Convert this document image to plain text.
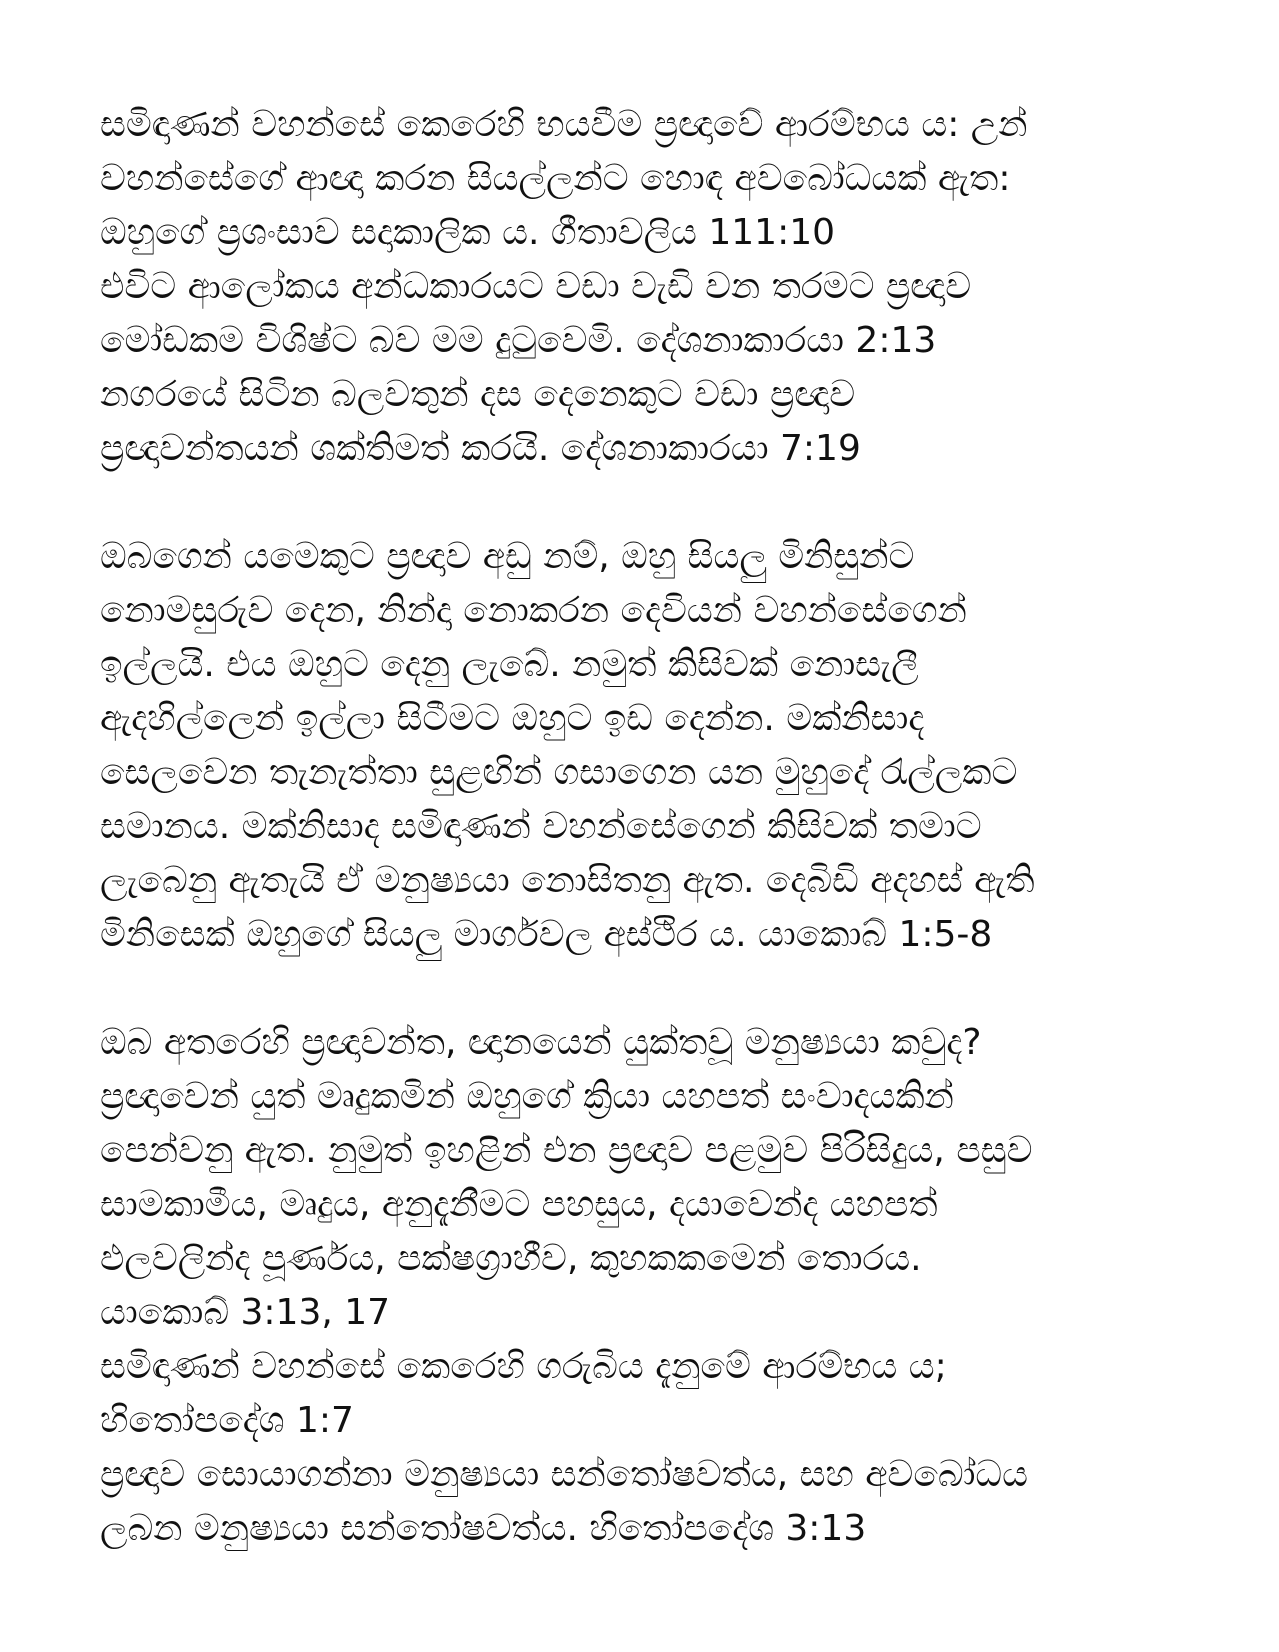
සමිඳාණන් වහන්සේ කෙරෙහි භයවීම ප්‍රඥාවේ ආරම්භය ය: උන්
වහන්සේගේ ආඥා කරන සියල්ලන්ට හොඳ අවබෝධයක් ඇත:
ඔහුගේ ප්‍රශංසාව සදාකාලික ය. ගීතාවලිය 111:10
එවිට ආලෝකය අන්ධකාරයට වඩා වැඩි වන තරමට ප්‍රඥාව
මෝඩකම විශිෂ්ට බව මම දුටුවෙමි. දේශනාකාරයා 2:13
නගරයේ සිටින බලවතුන් දස දෙනෙකුට වඩා ප්‍රඥාව
ප්‍රඥාවන්තයන් ශක්තිමත් කරයි. දේශනාකාරයා 7:19
ඔබගෙන් යමෙකුට ප්‍රඥාව අඩු නම්, ඔහු සියලු මිනිසුන්ට
නොමසුරුව දෙන, නින්දා නොකරන දෙවියන් වහන්සේගෙන්
ඉල්ලයි. එය ඔහුට දෙනු ලැබේ. නමුත් කිසිවක් නොසැලී
ඇදහිල්ලෙන් ඉල්ලා සිටීමට ඔහුට ඉඩ දෙන්න. මක්නිසාද
සෙලවෙන තැනැත්තා සුළඟින් ගසාගෙන යන මුහුදේ රැල්ලකට
සමානය. මක්නිසාද සමිඳාණන් වහන්සේගෙන් කිසිවක් තමාට
ලැබෙනු ඇතැයි ඒ මනුෂ්‍යයා නොසිතනු ඇත. දෙබිඩි අදහස් ඇති
මිනිසෙක් ඔහුගේ සියලු මාර්ගවල අස්ථිර ය. යාකොබ් 1:5-8
ඔබ අතරෙහි ප්‍රඥාවන්ත, ඥානයෙන් යුක්තවූ මනුෂ්‍යයා කවුද?
ප්‍රඥාවෙන් යුත් මෘදුකමින් ඔහුගේ ක්‍රියා යහපත් සංවාදයකින්
පෙන්වනු ඇත. නුමුත් ඉහළින් එන ප්‍රඥාව පළමුව පිරිසිදුය, පසුව
සාමකාමීය, මෘදුය, අනුදැනීමට පහසුය, දයාවෙන්ද යහපත්
ඵලවලින්ද පූර්ණය, පක්ෂග්‍රාහීව, කුහකකමෙන් තොරය.
යාකොබ් 3:13, 17
සමිඳාණන් වහන්සේ කෙරෙහි ගරුබිය දැනුමේ ආරම්භය ය;
හිතෝපදේශ 1:7
ප්‍රඥාව සොයාගන්නා මනුෂ්‍යයා සන්තෝෂවත්ය, සහ අවබෝධය
ලබන මනුෂ්‍යයා සන්තෝෂවත්ය. හිතෝපදේශ 3:13
